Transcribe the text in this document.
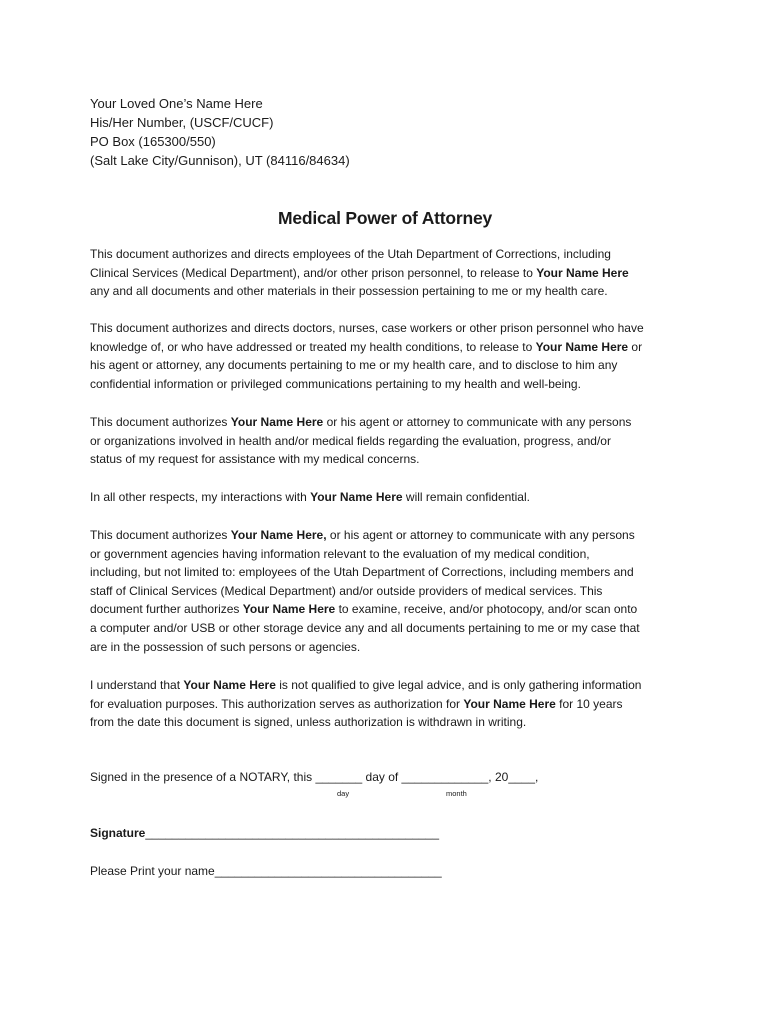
Your Loved One’s Name Here
His/Her Number, (USCF/CUCF)
PO Box (165300/550)
(Salt Lake City/Gunnison), UT (84116/84634)
Medical Power of Attorney
This document authorizes and directs employees of the Utah Department of Corrections, including
Clinical Services (Medical Department), and/or other prison personnel, to release to Your Name Here
any and all documents and other materials in their possession pertaining to me or my health care.
This document authorizes and directs doctors, nurses, case workers or other prison personnel who have
knowledge of, or who have addressed or treated my health conditions, to release to Your Name Here or
his agent or attorney, any documents pertaining to me or my health care, and to disclose to him any
confidential information or privileged communications pertaining to my health and well-being.
This document authorizes Your Name Here or his agent or attorney to communicate with any persons
or organizations involved in health and/or medical fields regarding the evaluation, progress, and/or
status of my request for assistance with my medical concerns.
In all other respects, my interactions with Your Name Here will remain confidential.
This document authorizes Your Name Here, or his agent or attorney to communicate with any persons
or government agencies having information relevant to the evaluation of my medical condition,
including, but not limited to: employees of the Utah Department of Corrections, including members and
staff of Clinical Services (Medical Department) and/or outside providers of medical services. This
document further authorizes Your Name Here to examine, receive, and/or photocopy, and/or scan onto
a computer and/or USB or other storage device any and all documents pertaining to me or my case that
are in the possession of such persons or agencies.
I understand that Your Name Here is not qualified to give legal advice, and is only gathering information
for evaluation purposes. This authorization serves as authorization for Your Name Here for 10 years
from the date this document is signed, unless authorization is withdrawn in writing.
Signed in the presence of a NOTARY, this _______ day of _____________, 20____,
day	month
Signature____________________________________________
Please Print your name__________________________________
